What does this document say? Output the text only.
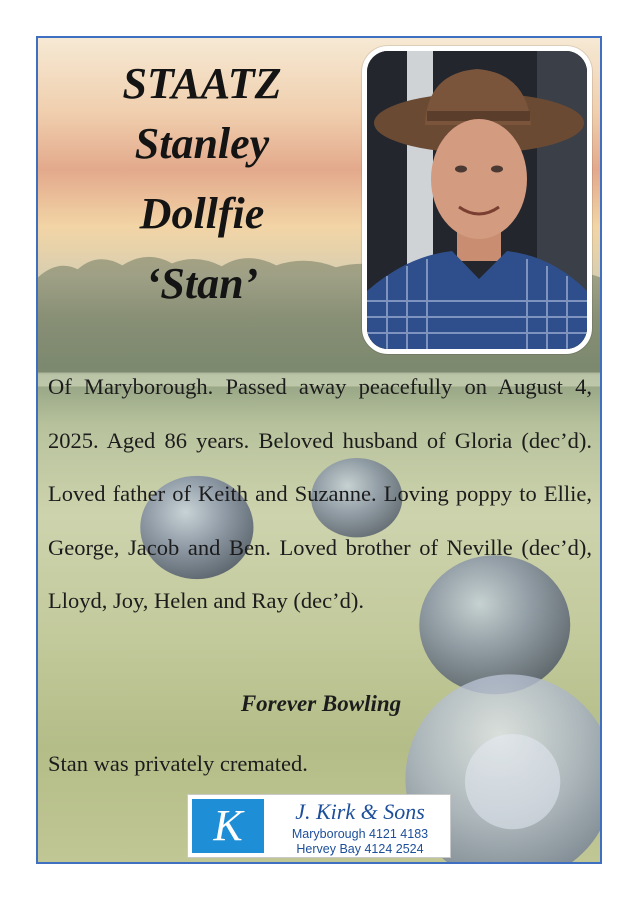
STAATZ

Stanley

Dollfie

‘Stan’

Of Maryborough. Passed away peacefully on August 4, 2025. Aged 86 years. Beloved husband of Gloria (dec’d). Loved father of Keith and Suzanne. Loving poppy to Ellie, George, Jacob and Ben. Loved brother of Neville (dec’d), Lloyd, Joy, Helen and Ray (dec’d).

Forever Bowling

Stan was privately cremated.

K	J. Kirk & Sons

Maryborough 4121 4183

Hervey Bay 4124 2524
